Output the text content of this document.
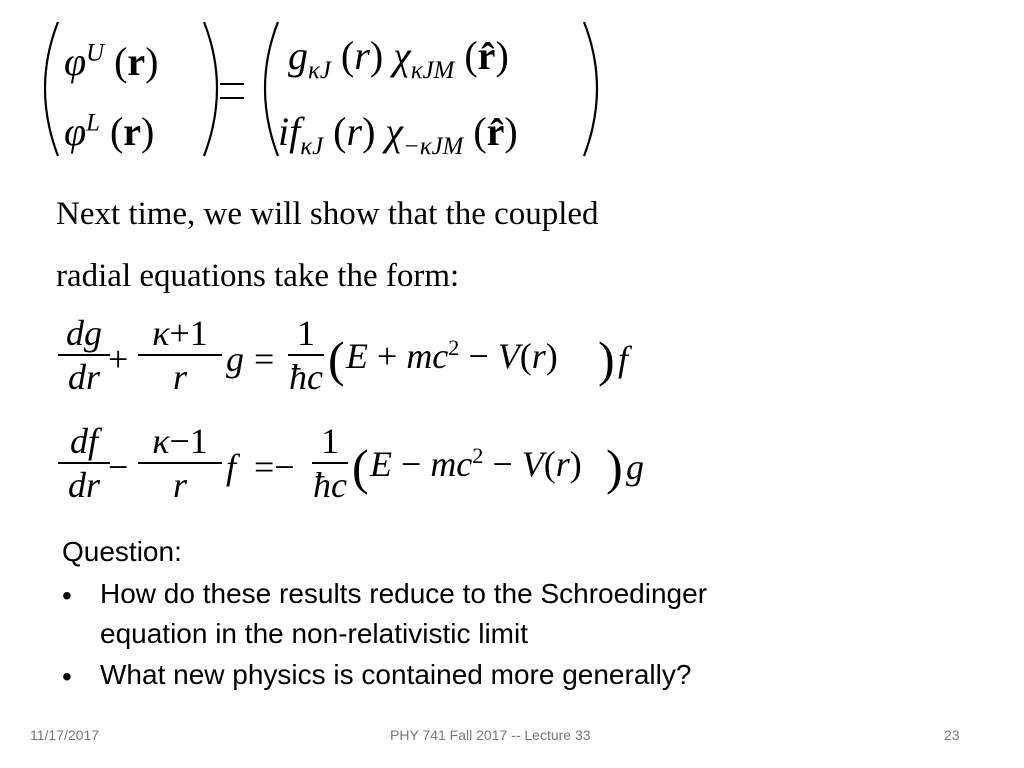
$\varphi^U$ (r)
$\varphi^L$ (r)
$g_{\kappa J}$ (r) $\chi_{\kappa JM}$ (r̂)
$if_{\kappa J}$ (r) $\chi_{-\kappa JM}$ (r̂)
Next time, we will show that the coupled
radial equations take the form:
dg
dr +
κ+1
r	g =
1
ħc ( $E + mc^2 - V(r)$ ) f
df
dr −
κ−1
r	f =−
1
ħc ( $E - mc^2 - V(r)$ ) g
Question:
• How do these results reduce to the Schroedinger
equation in the non-relativistic limit
• What new physics is contained more generally?
11/17/2017	PHY 741 Fall 2017 -- Lecture 33	23
